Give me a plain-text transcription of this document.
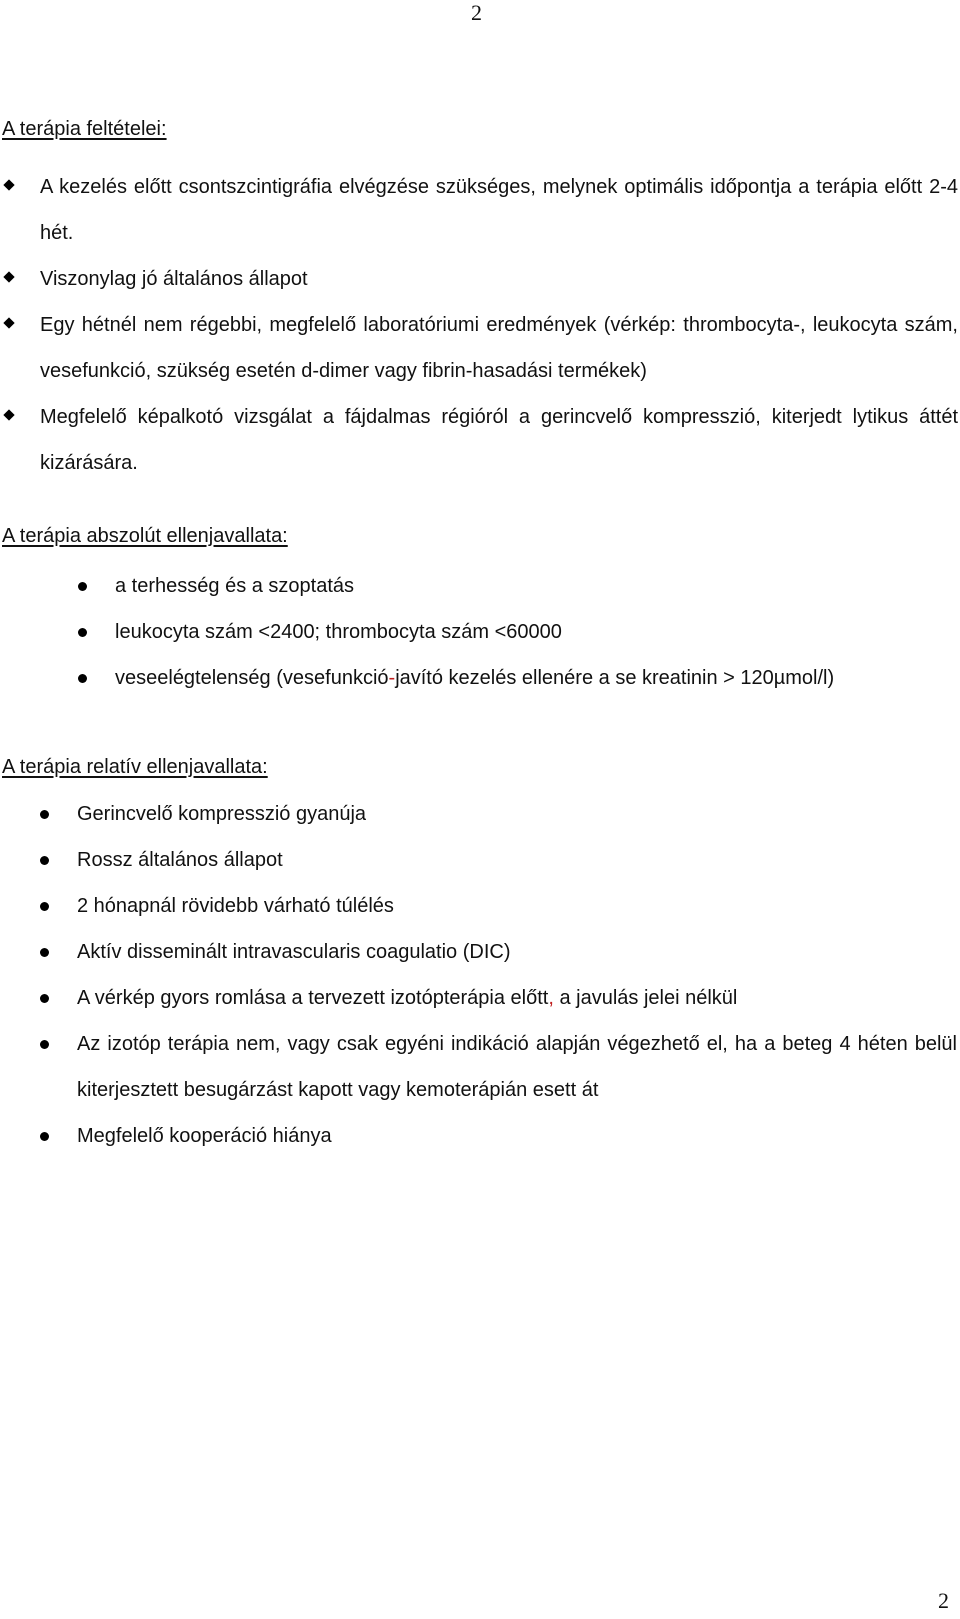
2
A terápia feltételei:
A kezelés előtt csontszcintigráfia elvégzése szükséges, melynek optimális időpontja a terápia előtt 2-4 hét.
Viszonylag jó általános állapot
Egy hétnél nem régebbi, megfelelő laboratóriumi eredmények (vérkép: thrombocyta-, leukocyta szám, vesefunkció, szükség esetén d-dimer vagy fibrin-hasadási termékek)
Megfelelő képalkotó vizsgálat a fájdalmas régióról a gerincvelő kompresszió, kiterjedt lytikus áttét kizárására.
A terápia abszolút ellenjavallata:
a terhesség és a szoptatás
leukocyta szám <2400; thrombocyta szám <60000
veseelégtelenség (vesefunkció-javító kezelés ellenére a se kreatinin > 120µmol/l)
A terápia relatív ellenjavallata:
Gerincvelő kompresszió gyanúja
Rossz általános állapot
2 hónapnál rövidebb várható túlélés
Aktív disseminált intravascularis coagulatio (DIC)
A vérkép gyors romlása a tervezett izotópterápia előtt, a javulás jelei nélkül
Az izotóp terápia nem, vagy csak egyéni indikáció alapján végezhető el, ha a beteg 4 héten belül kiterjesztett besugárzást kapott vagy kemoterápián esett át
Megfelelő kooperáció hiánya
2
